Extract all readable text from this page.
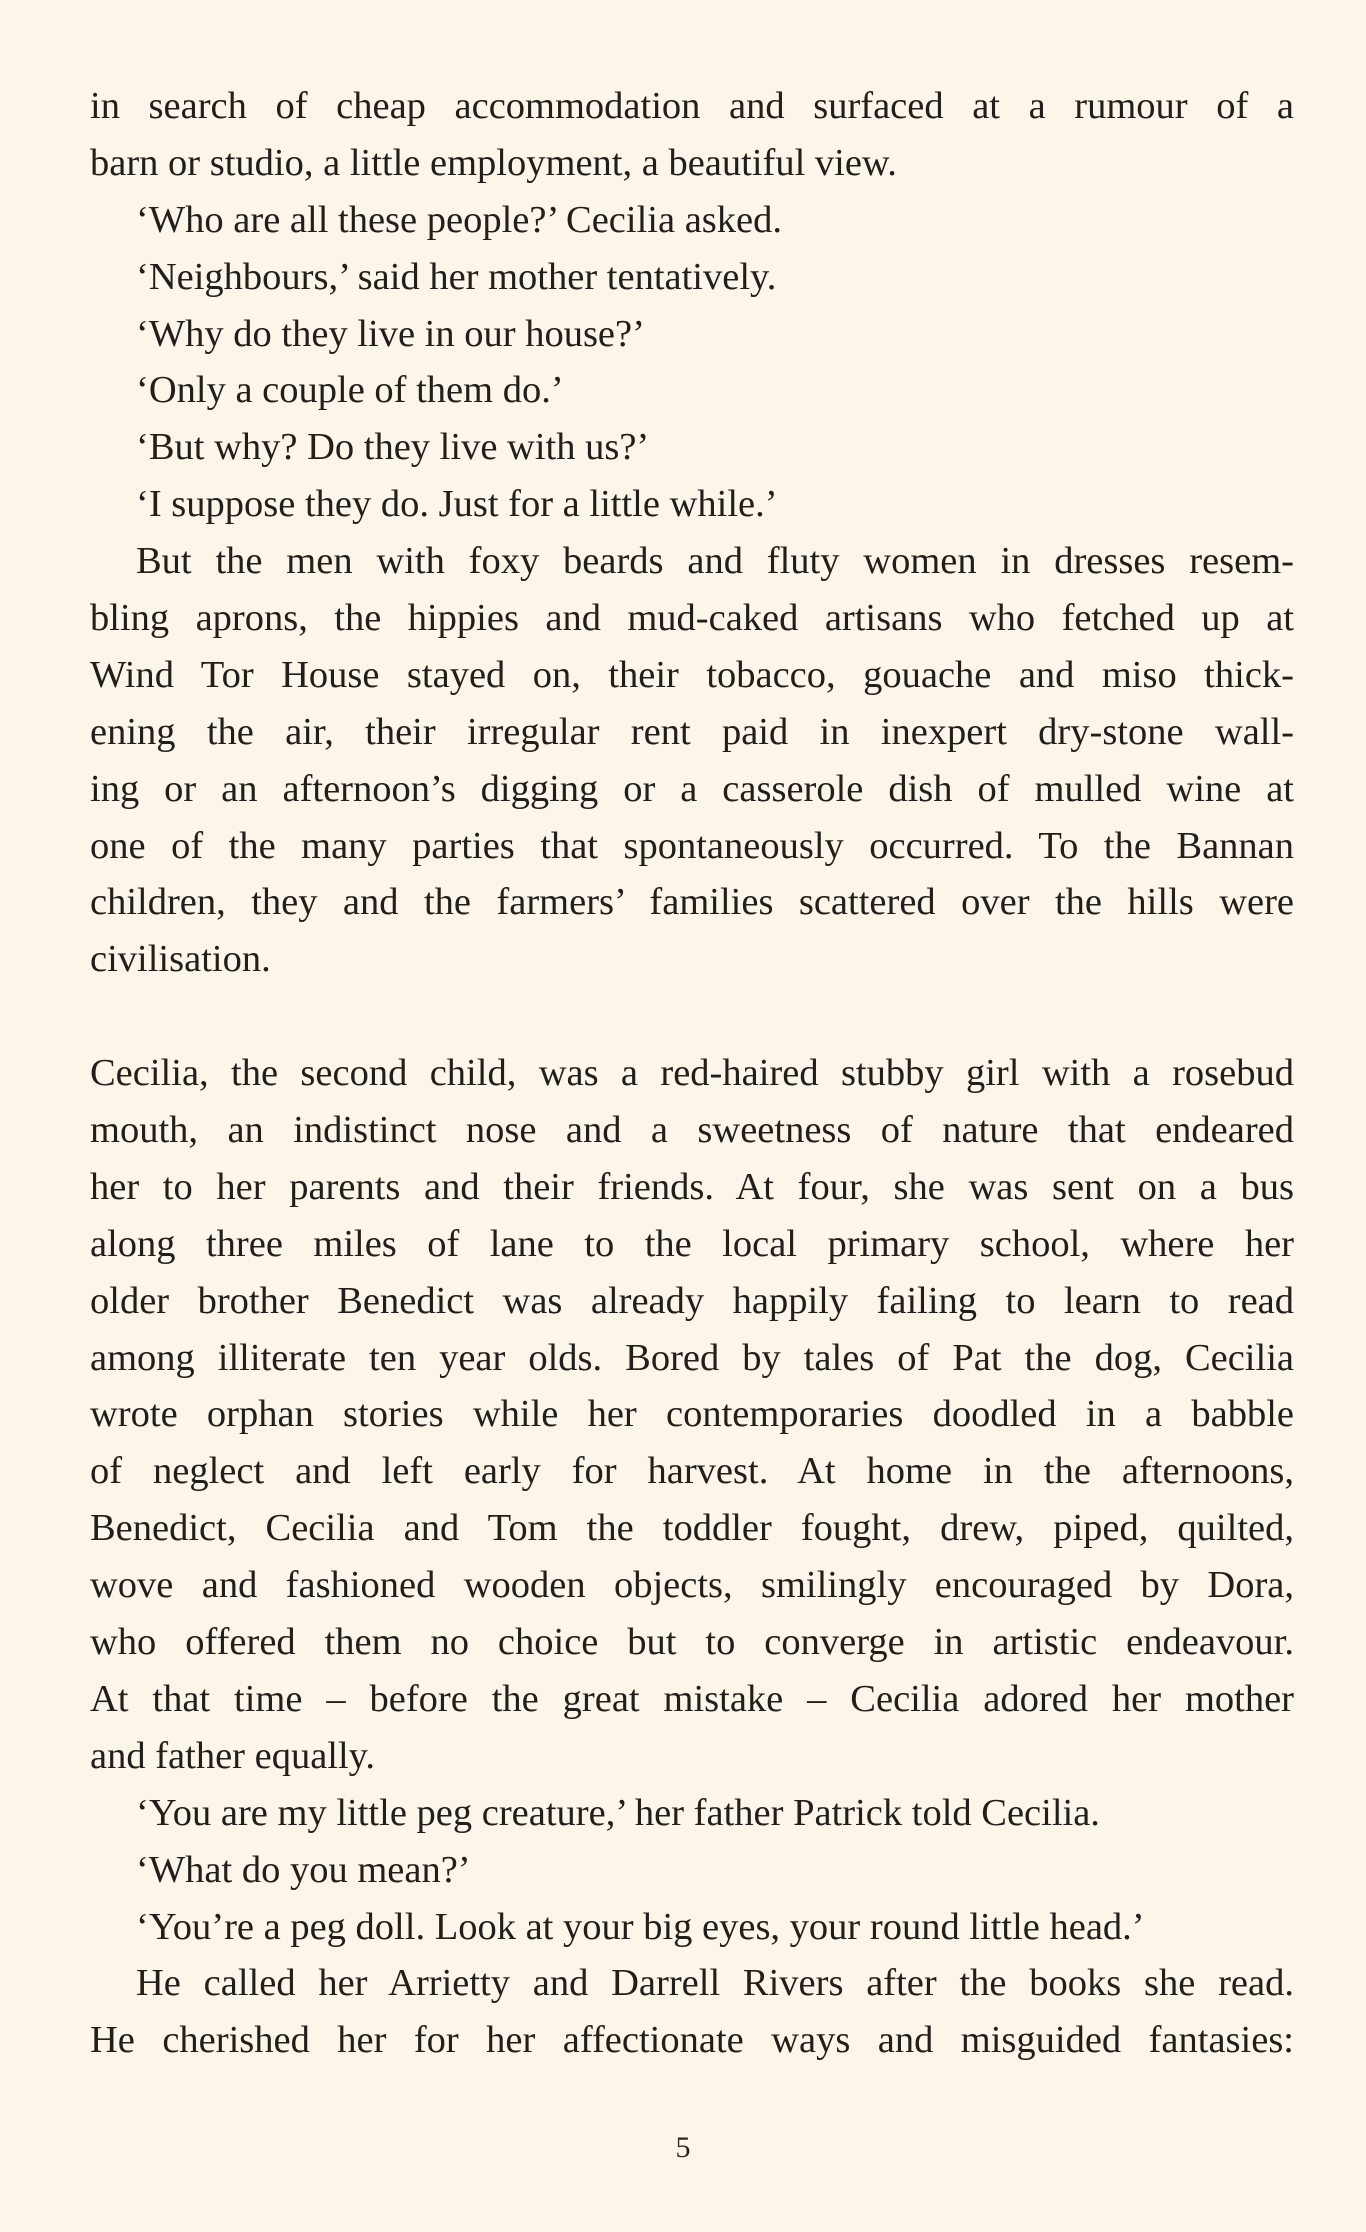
in search of cheap accommodation and surfaced at a rumour of a
barn or studio, a little employment, a beautiful view.
‘Who are all these people?’ Cecilia asked.
‘Neighbours,’ said her mother tentatively.
‘Why do they live in our house?’
‘Only a couple of them do.’
‘But why? Do they live with us?’
‘I suppose they do. Just for a little while.’
But the men with foxy beards and fluty women in dresses resem-
bling aprons, the hippies and mud-caked artisans who fetched up at
Wind Tor House stayed on, their tobacco, gouache and miso thick-
ening the air, their irregular rent paid in inexpert dry-stone wall-
ing or an afternoon’s digging or a casserole dish of mulled wine at
one of the many parties that spontaneously occurred. To the Bannan
children, they and the farmers’ families scattered over the hills were
civilisation.
Cecilia, the second child, was a red-haired stubby girl with a rosebud
mouth, an indistinct nose and a sweetness of nature that endeared
her to her parents and their friends. At four, she was sent on a bus
along three miles of lane to the local primary school, where her
older brother Benedict was already happily failing to learn to read
among illiterate ten year olds. Bored by tales of Pat the dog, Cecilia
wrote orphan stories while her contemporaries doodled in a babble
of neglect and left early for harvest. At home in the afternoons,
Benedict, Cecilia and Tom the toddler fought, drew, piped, quilted,
wove and fashioned wooden objects, smilingly encouraged by Dora,
who offered them no choice but to converge in artistic endeavour.
At that time – before the great mistake – Cecilia adored her mother
and father equally.
‘You are my little peg creature,’ her father Patrick told Cecilia.
‘What do you mean?’
‘You’re a peg doll. Look at your big eyes, your round little head.’
He called her Arrietty and Darrell Rivers after the books she read.
He cherished her for her affectionate ways and misguided fantasies:
5
